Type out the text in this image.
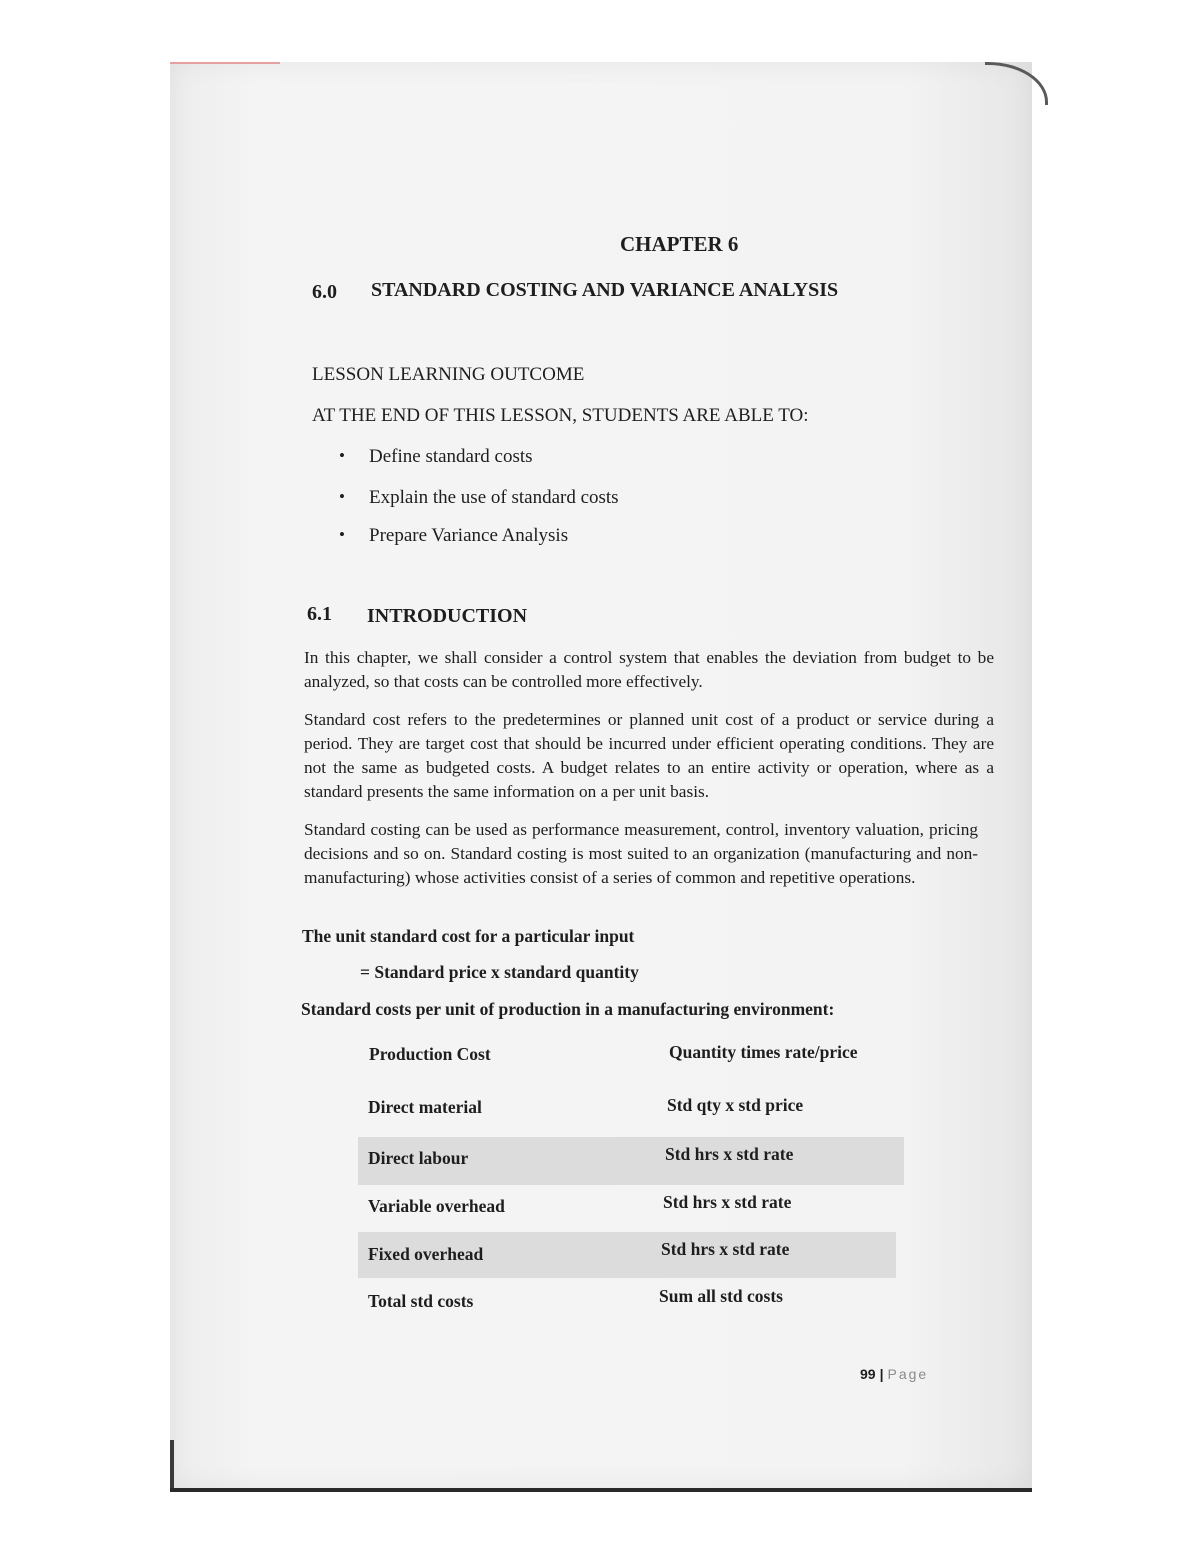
CHAPTER 6
6.0 STANDARD COSTING AND VARIANCE ANALYSIS
LESSON LEARNING OUTCOME
AT THE END OF THIS LESSON, STUDENTS ARE ABLE TO:
• Define standard costs
• Explain the use of standard costs
• Prepare Variance Analysis
6.1 INTRODUCTION
In this chapter, we shall consider a control system that enables the deviation from budget to be analyzed, so that costs can be controlled more effectively.
Standard cost refers to the predetermines or planned unit cost of a product or service during a period. They are target cost that should be incurred under efficient operating conditions. They are not the same as budgeted costs. A budget relates to an entire activity or operation, where as a standard presents the same information on a per unit basis.
Standard costing can be used as performance measurement, control, inventory valuation, pricing decisions and so on. Standard costing is most suited to an organization (manufacturing and non-manufacturing) whose activities consist of a series of common and repetitive operations.
The unit standard cost for a particular input
= Standard price x standard quantity
Standard costs per unit of production in a manufacturing environment:
Production Cost	Quantity times rate/price
Direct material	Std qty x std price
Direct labour	Std hrs x std rate
Variable overhead	Std hrs x std rate
Fixed overhead	Std hrs x std rate
Total std costs	Sum all std costs
99 | Page
